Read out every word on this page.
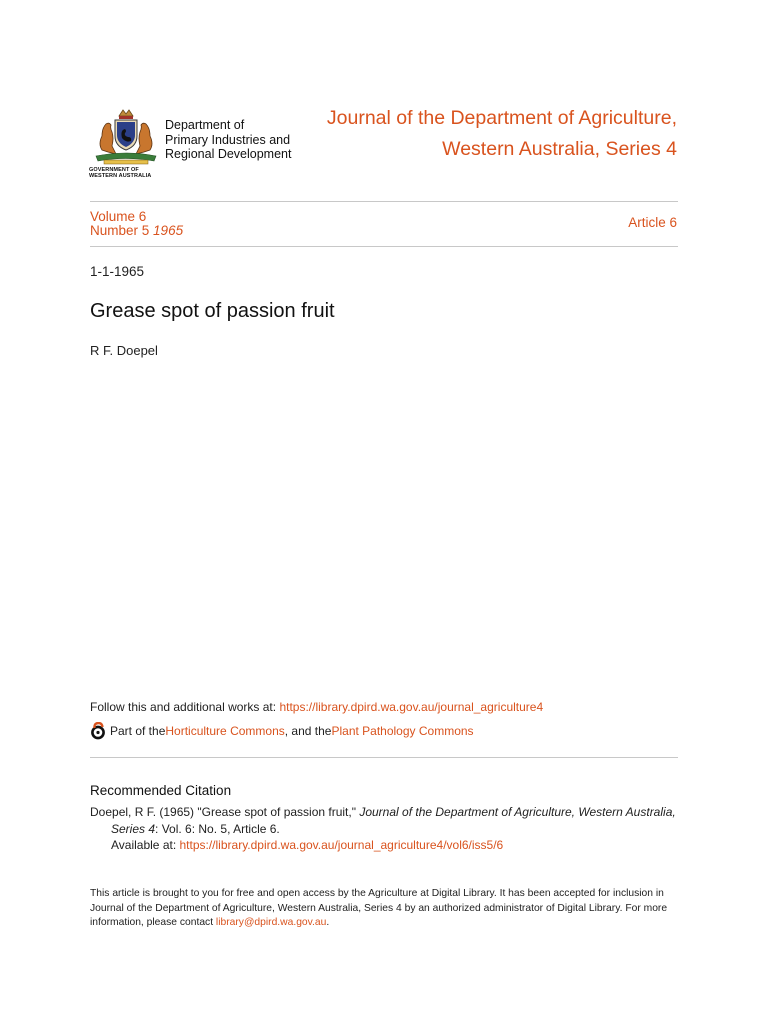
Department of
Primary Industries and
Regional Development
GOVERNMENT OF
WESTERN AUSTRALIA
Journal of the Department of Agriculture,
Western Australia, Series 4
Volume 6
Number 5 1965
Article 6
1-1-1965
Grease spot of passion fruit
R F. Doepel
Follow this and additional works at: https://library.dpird.wa.gov.au/journal_agriculture4
Part of the Horticulture Commons , and the Plant Pathology Commons
Recommended Citation
Doepel, R F. (1965) "Grease spot of passion fruit," Journal of the Department of Agriculture, Western Australia,
Series 4: Vol. 6: No. 5, Article 6.
Available at: https://library.dpird.wa.gov.au/journal_agriculture4/vol6/iss5/6
This article is brought to you for free and open access by the Agriculture at Digital Library. It has been accepted for inclusion in Journal of the Department of Agriculture, Western Australia, Series 4 by an authorized administrator of Digital Library. For more information, please contact library@dpird.wa.gov.au.
